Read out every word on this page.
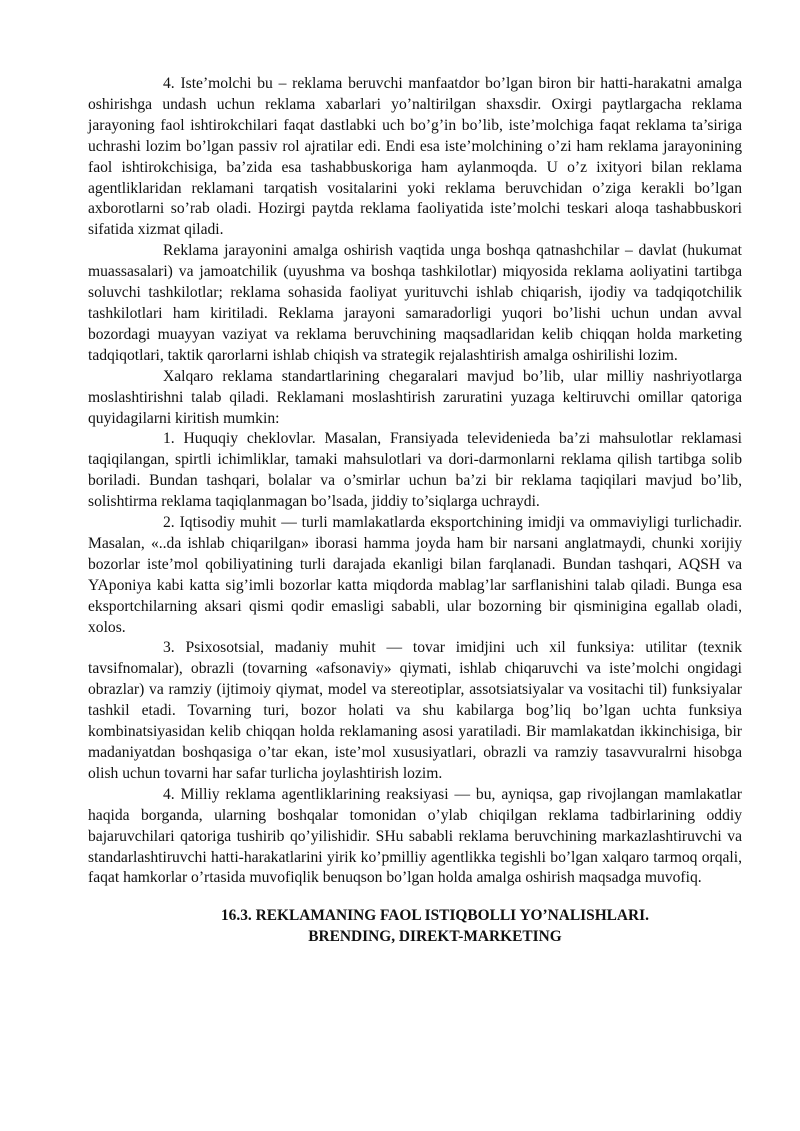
4. Iste’molchi bu – reklama beruvchi manfaatdor bo’lgan biron bir hatti-harakatni amalga oshirishga undash uchun reklama xabarlari yo’naltirilgan shaxsdir. Oxirgi paytlargacha reklama jarayoning faol ishtirokchilari faqat dastlabki uch bo’g’in bo’lib, iste’molchiga faqat reklama ta’siriga uchrashi lozim bo’lgan passiv rol ajratilar edi. Endi esa iste’molchining o’zi ham reklama jarayonining faol ishtirokchisiga, ba’zida esa tashabbuskoriga ham aylanmoqda. U o’z ixityori bilan reklama agentliklaridan reklamani tarqatish vositalarini yoki reklama beruvchidan o’ziga kerakli bo’lgan axborotlarni so’rab oladi. Hozirgi paytda reklama faoliyatida iste’molchi teskari aloqa tashabbuskori sifatida xizmat qiladi.

Reklama jarayonini amalga oshirish vaqtida unga boshqa qatnashchilar – davlat (hukumat muassasalari) va jamoatchilik (uyushma va boshqa tashkilotlar) miqyosida reklama aoliyatini tartibga soluvchi tashkilotlar; reklama sohasida faoliyat yurituvchi ishlab chiqarish, ijodiy va tadqiqotchilik tashkilotlari ham kiritiladi. Reklama jarayoni samaradorligi yuqori bo’lishi uchun undan avval bozordagi muayyan vaziyat va reklama beruvchining maqsadlaridan kelib chiqqan holda marketing tadqiqotlari, taktik qarorlarni ishlab chiqish va strategik rejalashtirish amalga oshirilishi lozim.

Xalqaro reklama standartlarining chegaralari mavjud bo’lib, ular milliy nashriyotlarga moslashtirishni talab qiladi. Reklamani moslashtirish zaruratini yuzaga keltiruvchi omillar qatoriga quyidagilarni kiritish mumkin:

1. Huquqiy cheklovlar. Masalan, Fransiyada televidenieda ba’zi mahsulotlar reklamasi taqiqilangan, spirtli ichimliklar, tamaki mahsulotlari va dori-darmonlarni reklama qilish tartibga solib boriladi. Bundan tashqari, bolalar va o’smirlar uchun ba’zi bir reklama taqiqilari mavjud bo’lib, solishtirma reklama taqiqlanmagan bo’lsada, jiddiy to’siqlarga uchraydi.

2. Iqtisodiy muhit — turli mamlakatlarda eksportchining imidji va ommaviyligi turlichadir. Masalan, «..da ishlab chiqarilgan» iborasi hamma joyda ham bir narsani anglatmaydi, chunki xorijiy bozorlar iste’mol qobiliyatining turli darajada ekanligi bilan farqlanadi. Bundan tashqari, AQSH va YAponiya kabi katta sig’imli bozorlar katta miqdorda mablag’lar sarflanishini talab qiladi. Bunga esa eksportchilarning aksari qismi qodir emasligi sababli, ular bozorning bir qisminigina egallab oladi, xolos.

3. Psixosotsial, madaniy muhit — tovar imidjini uch xil funksiya: utilitar (texnik tavsifnomalar), obrazli (tovarning «afsonaviy» qiymati, ishlab chiqaruvchi va iste’molchi ongidagi obrazlar) va ramziy (ijtimoiy qiymat, model va stereotiplar, assotsiatsiyalar va vositachi til) funksiyalar tashkil etadi. Tovarning turi, bozor holati va shu kabilarga bog’liq bo’lgan uchta funksiya kombinatsiyasidan kelib chiqqan holda reklamaning asosi yaratiladi. Bir mamlakatdan ikkinchisiga, bir madaniyatdan boshqasiga o’tar ekan, iste’mol xususiyatlari, obrazli va ramziy tasavvuralrni hisobga olish uchun tovarni har safar turlicha joylashtirish lozim.

4. Milliy reklama agentliklarining reaksiyasi — bu, ayniqsa, gap rivojlangan mamlakatlar haqida borganda, ularning boshqalar tomonidan o’ylab chiqilgan reklama tadbirlarining oddiy bajaruvchilari qatoriga tushirib qo’yilishidir. SHu sababli reklama beruvchining markazlashtiruvchi va standarlashtiruvchi hatti-harakatlarini yirik ko’pmilliy agentlikka tegishli bo’lgan xalqaro tarmoq orqali, faqat hamkorlar o’rtasida muvofiqlik benuqson bo’lgan holda amalga oshirish maqsadga muvofiq.

16.3. REKLAMANING FAOL ISTIQBOLLI YO’NALISHLARI.
BRENDING, DIREKT-MARKETING
